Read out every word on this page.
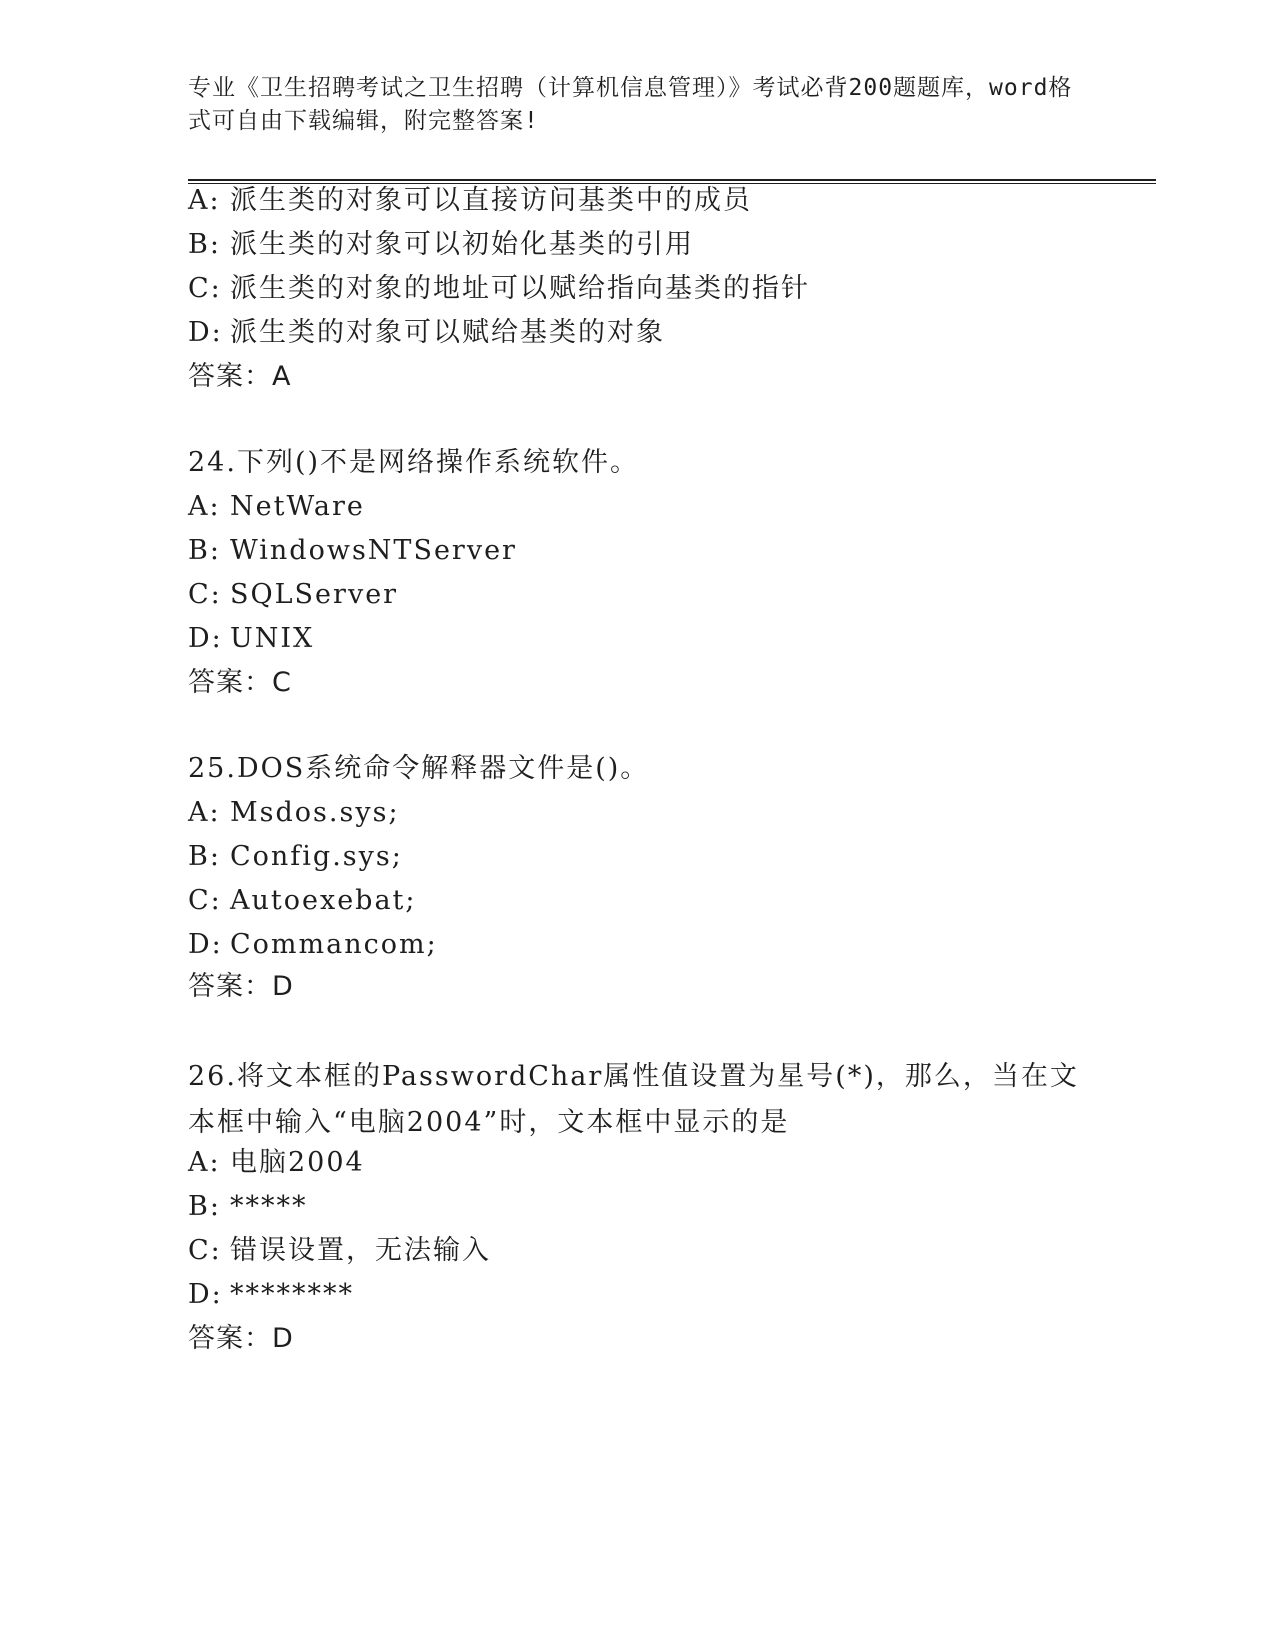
专业《卫生招聘考试之卫生招聘（计算机信息管理）》考试必背200题题库，word格式可自由下载编辑，附完整答案!
A: 派生类的对象可以直接访问基类中的成员
B: 派生类的对象可以初始化基类的引用
C: 派生类的对象的地址可以赋给指向基类的指针
D: 派生类的对象可以赋给基类的对象
答案：A
24.下列()不是网络操作系统软件。
A: NetWare
B: WindowsNTServer
C: SQLServer
D: UNIX
答案：C
25.DOS系统命令解释器文件是()。
A: Msdos.sys;
B: Config.sys;
C: Autoexebat;
D: Commancom;
答案：D
26.将文本框的PasswordChar属性值设置为星号(*)，那么，当在文本框中输入“电脑2004”时，文本框中显示的是
A: 电脑2004
B: *****
C: 错误设置，无法输入
D: ********
答案：D
